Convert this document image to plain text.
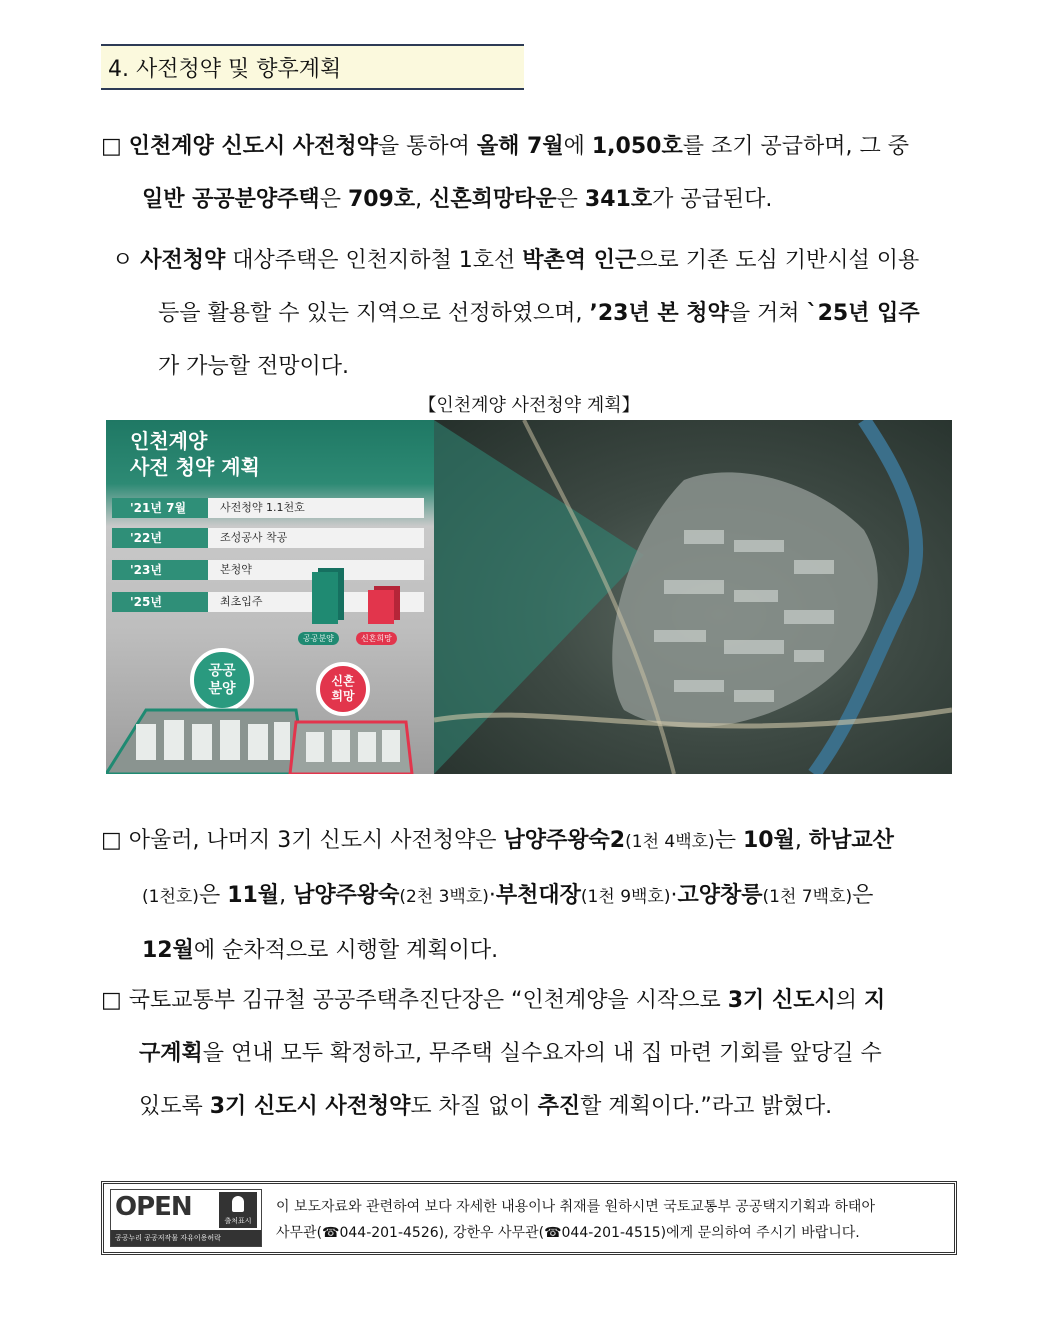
4. 사전청약 및 향후계획
□ 인천계양 신도시 사전청약을 통하여 올해 7월에 1,050호를 조기 공급하며, 그 중
일반 공공분양주택은 709호, 신혼희망타운은 341호가 공급된다.
ㅇ 사전청약 대상주택은 인천지하철 1호선 박촌역 인근으로 기존 도심 기반시설 이용
등을 활용할 수 있는 지역으로 선정하였으며, ’23년 본 청약을 거쳐 `25년 입주
가 가능할 전망이다.
【인천계양 사전청약 계획】
인천계양
사전 청약 계획
'21년 7월	사전청약 1.1천호
'22년	조성공사 착공
'23년	본청약
'25년	최초입주
공공분양	신혼희망
공공
분양	신혼
희망
□ 아울러, 나머지 3기 신도시 사전청약은 남양주왕숙2(1천 4백호)는 10월, 하남교산
(1천호)은 11월, 남양주왕숙(2천 3백호)·부천대장(1천 9백호)·고양창릉(1천 7백호)은
12월에 순차적으로 시행할 계획이다.
□ 국토교통부 김규철 공공주택추진단장은 “인천계양을 시작으로 3기 신도시의 지
구계획을 연내 모두 확정하고, 무주택 실수요자의 내 집 마련 기회를 앞당길 수
있도록 3기 신도시 사전청약도 차질 없이 추진할 계획이다.”라고 밝혔다.
OPEN	출처표시
공공누리 공공저작물 자유이용허락
이 보도자료와 관련하여 보다 자세한 내용이나 취재를 원하시면 국토교통부 공공택지기획과 하태아
사무관(☎044-201-4526), 강한우 사무관(☎044-201-4515)에게 문의하여 주시기 바랍니다.
